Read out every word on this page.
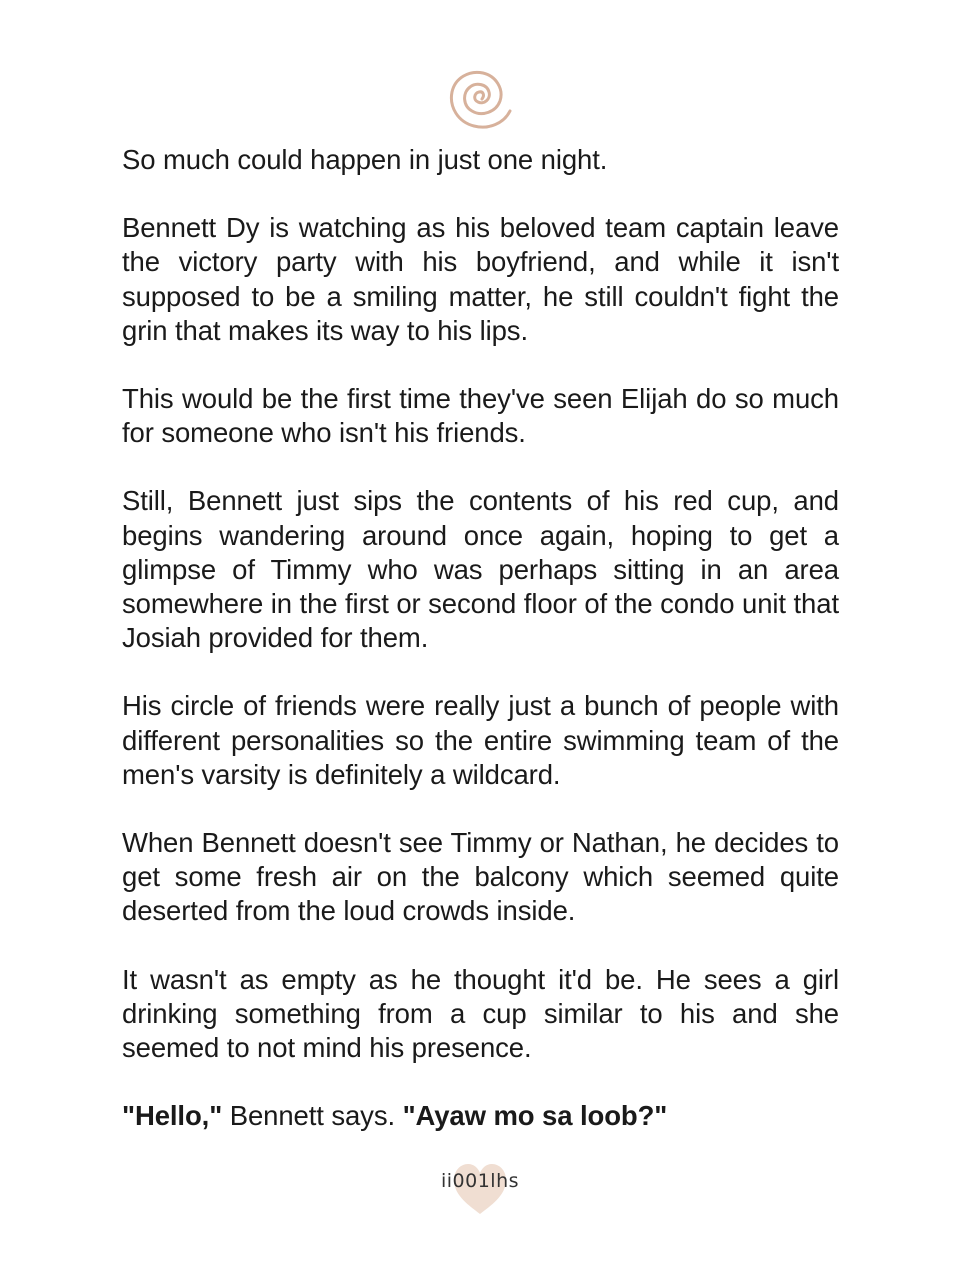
So much could happen in just one night.

Bennett Dy is watching as his beloved team captain leave the victory party with his boyfriend, and while it isn't supposed to be a smiling matter, he still couldn't fight the grin that makes its way to his lips.

This would be the first time they've seen Elijah do so much for someone who isn't his friends.

Still, Bennett just sips the contents of his red cup, and begins wandering around once again, hoping to get a glimpse of Timmy who was perhaps sitting in an area somewhere in the first or second floor of the condo unit that Josiah provided for them.

His circle of friends were really just a bunch of people with different personalities so the entire swimming team of the men's varsity is definitely a wildcard.

When Bennett doesn't see Timmy or Nathan, he decides to get some fresh air on the balcony which seemed quite deserted from the loud crowds inside.

It wasn't as empty as he thought it'd be. He sees a girl drinking something from a cup similar to his and she seemed to not mind his presence.

"Hello," Bennett says. "Ayaw mo sa loob?"

ii001lhs
